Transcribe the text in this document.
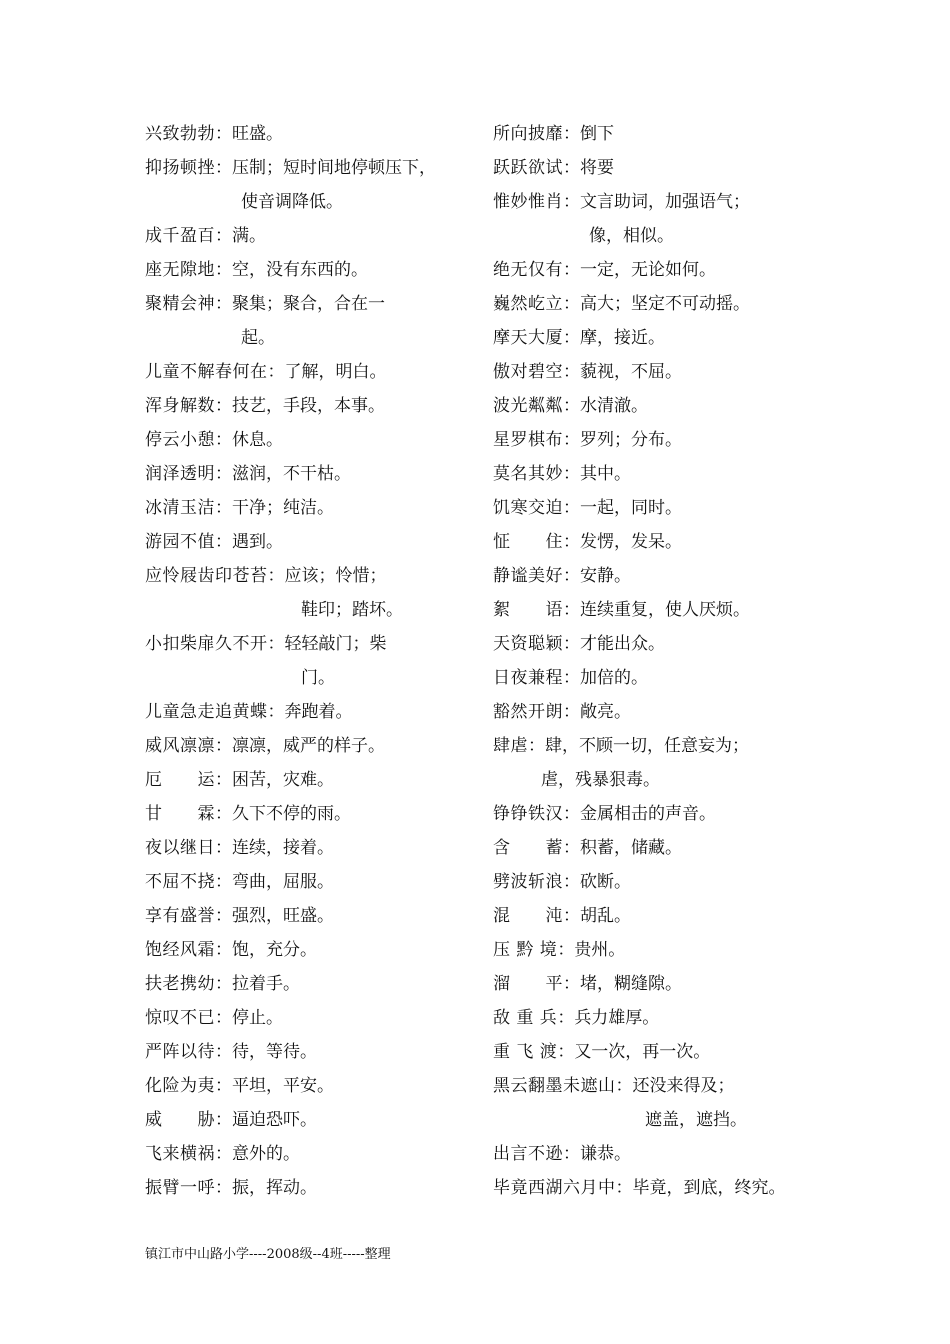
兴致勃勃：旺盛。
抑扬顿挫：压制；短时间地停顿压下，
使音调降低。
成千盈百：满。
座无隙地：空，没有东西的。
聚精会神：聚集；聚合，合在一
起。
儿童不解春何在：了解，明白。
浑身解数：技艺，手段，本事。
停云小憩：休息。
润泽透明：滋润，不干枯。
冰清玉洁：干净；纯洁。
游园不值：遇到。
应怜屐齿印苍苔：应该；怜惜；
鞋印；踏坏。
小扣柴扉久不开：轻轻敲门；柴
门。
儿童急走追黄蝶：奔跑着。
威风凛凛：凛凛，威严的样子。
厄　　运：困苦，灾难。
甘　　霖：久下不停的雨。
夜以继日：连续，接着。
不屈不挠：弯曲，屈服。
享有盛誉：强烈，旺盛。
饱经风霜：饱，充分。
扶老携幼：拉着手。
惊叹不已：停止。
严阵以待：待，等待。
化险为夷：平坦，平安。
威　　胁：逼迫恐吓。
飞来横祸：意外的。
振臂一呼：振，挥动。
所向披靡：倒下
跃跃欲试：将要
惟妙惟肖：文言助词，加强语气；
像，相似。
绝无仅有：一定，无论如何。
巍然屹立：高大；坚定不可动摇。
摩天大厦：摩，接近。
傲对碧空：藐视，不屈。
波光粼粼：水清澈。
星罗棋布：罗列；分布。
莫名其妙：其中。
饥寒交迫：一起，同时。
怔　　住：发愣，发呆。
静谧美好：安静。
絮　　语：连续重复，使人厌烦。
天资聪颖：才能出众。
日夜兼程：加倍的。
豁然开朗：敞亮。
肆虐：肆，不顾一切，任意妄为；
虐，残暴狠毒。
铮铮铁汉：金属相击的声音。
含　　蓄：积蓄，储藏。
劈波斩浪：砍断。
混　　沌：胡乱。
压 黔 境：贵州。
溜　　平：堵，糊缝隙。
敌 重 兵：兵力雄厚。
重 飞 渡：又一次，再一次。
黑云翻墨未遮山：还没来得及；
遮盖，遮挡。
出言不逊：谦恭。
毕竟西湖六月中：毕竟，到底，终究。
镇江市中山路小学----2008级--4班-----整理
